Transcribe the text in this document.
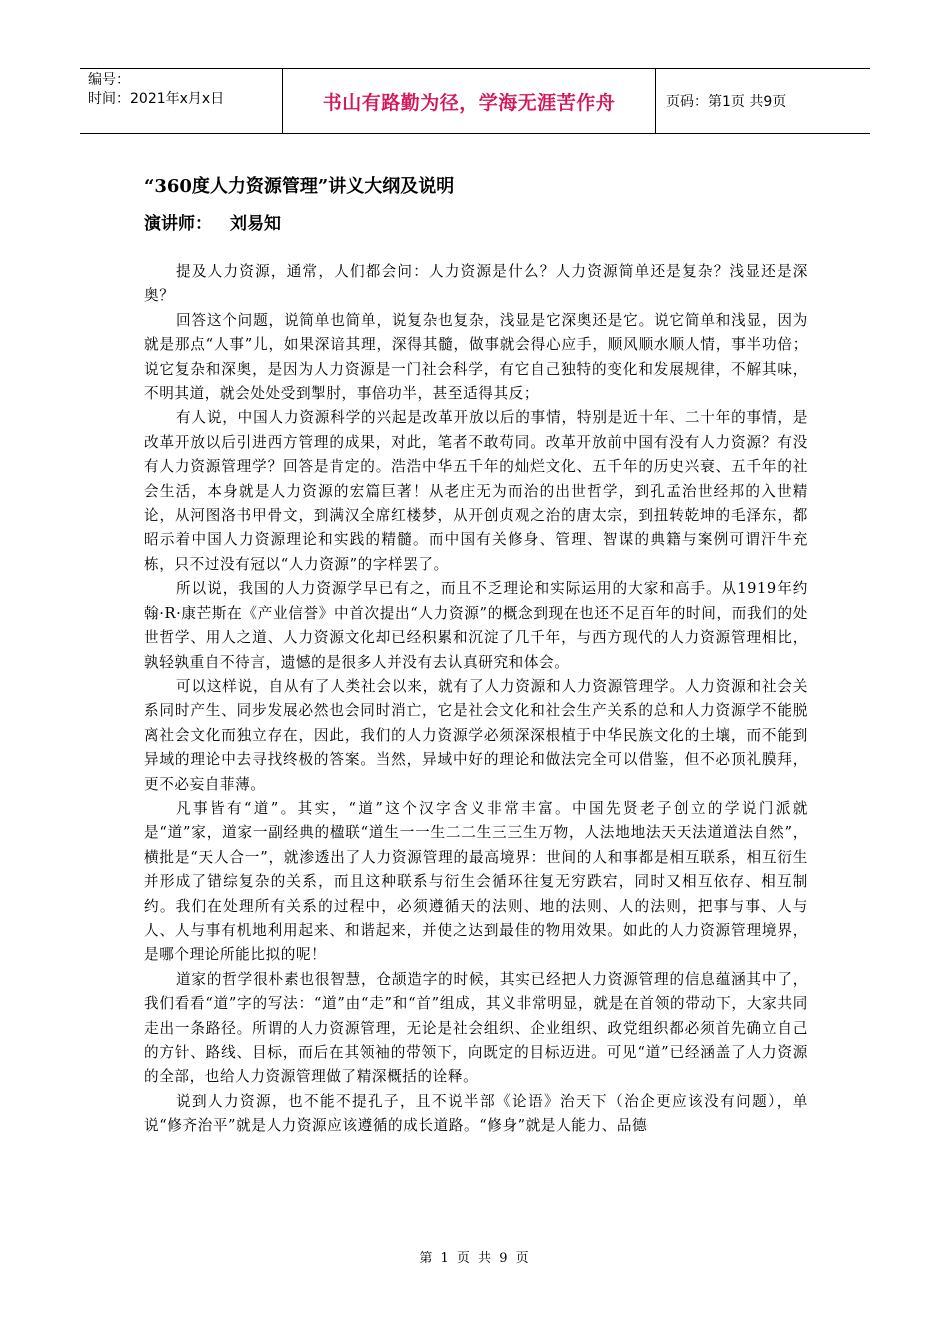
编号：
时间：2021年x月x日	书山有路勤为径，学海无涯苦作舟	页码：第1页 共9页
“360度人力资源管理”讲义大纲及说明
演讲师： 刘易知

提及人力资源，通常，人们都会问：人力资源是什么？人力资源简单还是复杂？浅显还是深奥？

回答这个问题，说简单也简单，说复杂也复杂，浅显是它深奥还是它。说它简单和浅显，因为就是那点“人事”儿，如果深谙其理，深得其髓，做事就会得心应手，顺风顺水顺人情，事半功倍；说它复杂和深奥，是因为人力资源是一门社会科学，有它自己独特的变化和发展规律，不解其味，不明其道，就会处处受到掣肘，事倍功半，甚至适得其反；

有人说，中国人力资源科学的兴起是改革开放以后的事情，特别是近十年、二十年的事情，是改革开放以后引进西方管理的成果，对此，笔者不敢苟同。改革开放前中国有没有人力资源？有没有人力资源管理学？回答是肯定的。浩浩中华五千年的灿烂文化、五千年的历史兴衰、五千年的社会生活，本身就是人力资源的宏篇巨著！从老庄无为而治的出世哲学，到孔孟治世经邦的入世精论，从河图洛书甲骨文，到满汉全席红楼梦，从开创贞观之治的唐太宗，到扭转乾坤的毛泽东，都昭示着中国人力资源理论和实践的精髓。而中国有关修身、管理、智谋的典籍与案例可谓汗牛充栋，只不过没有冠以“人力资源”的字样罢了。

所以说，我国的人力资源学早已有之，而且不乏理论和实际运用的大家和高手。从1919年约翰·R·康芒斯在《产业信誉》中首次提出“人力资源”的概念到现在也还不足百年的时间，而我们的处世哲学、用人之道、人力资源文化却已经积累和沉淀了几千年，与西方现代的人力资源管理相比，孰轻孰重自不待言，遗憾的是很多人并没有去认真研究和体会。

可以这样说，自从有了人类社会以来，就有了人力资源和人力资源管理学。人力资源和社会关系同时产生、同步发展必然也会同时消亡，它是社会文化和社会生产关系的总和人力资源学不能脱离社会文化而独立存在，因此，我们的人力资源学必须深深根植于中华民族文化的土壤，而不能到异域的理论中去寻找终极的答案。当然，异域中好的理论和做法完全可以借鉴，但不必顶礼膜拜，更不必妄自菲薄。

凡事皆有“道”。其实，“道”这个汉字含义非常丰富。中国先贤老子创立的学说门派就是“道”家，道家一副经典的楹联“道生一一生二二生三三生万物，人法地地法天天法道道法自然”，横批是“天人合一”，就渗透出了人力资源管理的最高境界：世间的人和事都是相互联系，相互衍生并形成了错综复杂的关系，而且这种联系与衍生会循环往复无穷跌宕，同时又相互依存、相互制约。我们在处理所有关系的过程中，必须遵循天的法则、地的法则、人的法则，把事与事、人与人、人与事有机地利用起来、和谐起来，并使之达到最佳的物用效果。如此的人力资源管理境界，是哪个理论所能比拟的呢！

道家的哲学很朴素也很智慧，仓颉造字的时候，其实已经把人力资源管理的信息蕴涵其中了，我们看看“道”字的写法：“道”由“走”和“首”组成，其义非常明显，就是在首领的带动下，大家共同走出一条路径。所谓的人力资源管理，无论是社会组织、企业组织、政党组织都必须首先确立自己的方针、路线、目标，而后在其领袖的带领下，向既定的目标迈进。可见“道”已经涵盖了人力资源的全部，也给人力资源管理做了精深概括的诠释。

说到人力资源，也不能不提孔子，且不说半部《论语》治天下（治企更应该没有问题），单说“修齐治平”就是人力资源应该遵循的成长道路。“修身”就是人能力、品德

第 1 页 共 9 页
